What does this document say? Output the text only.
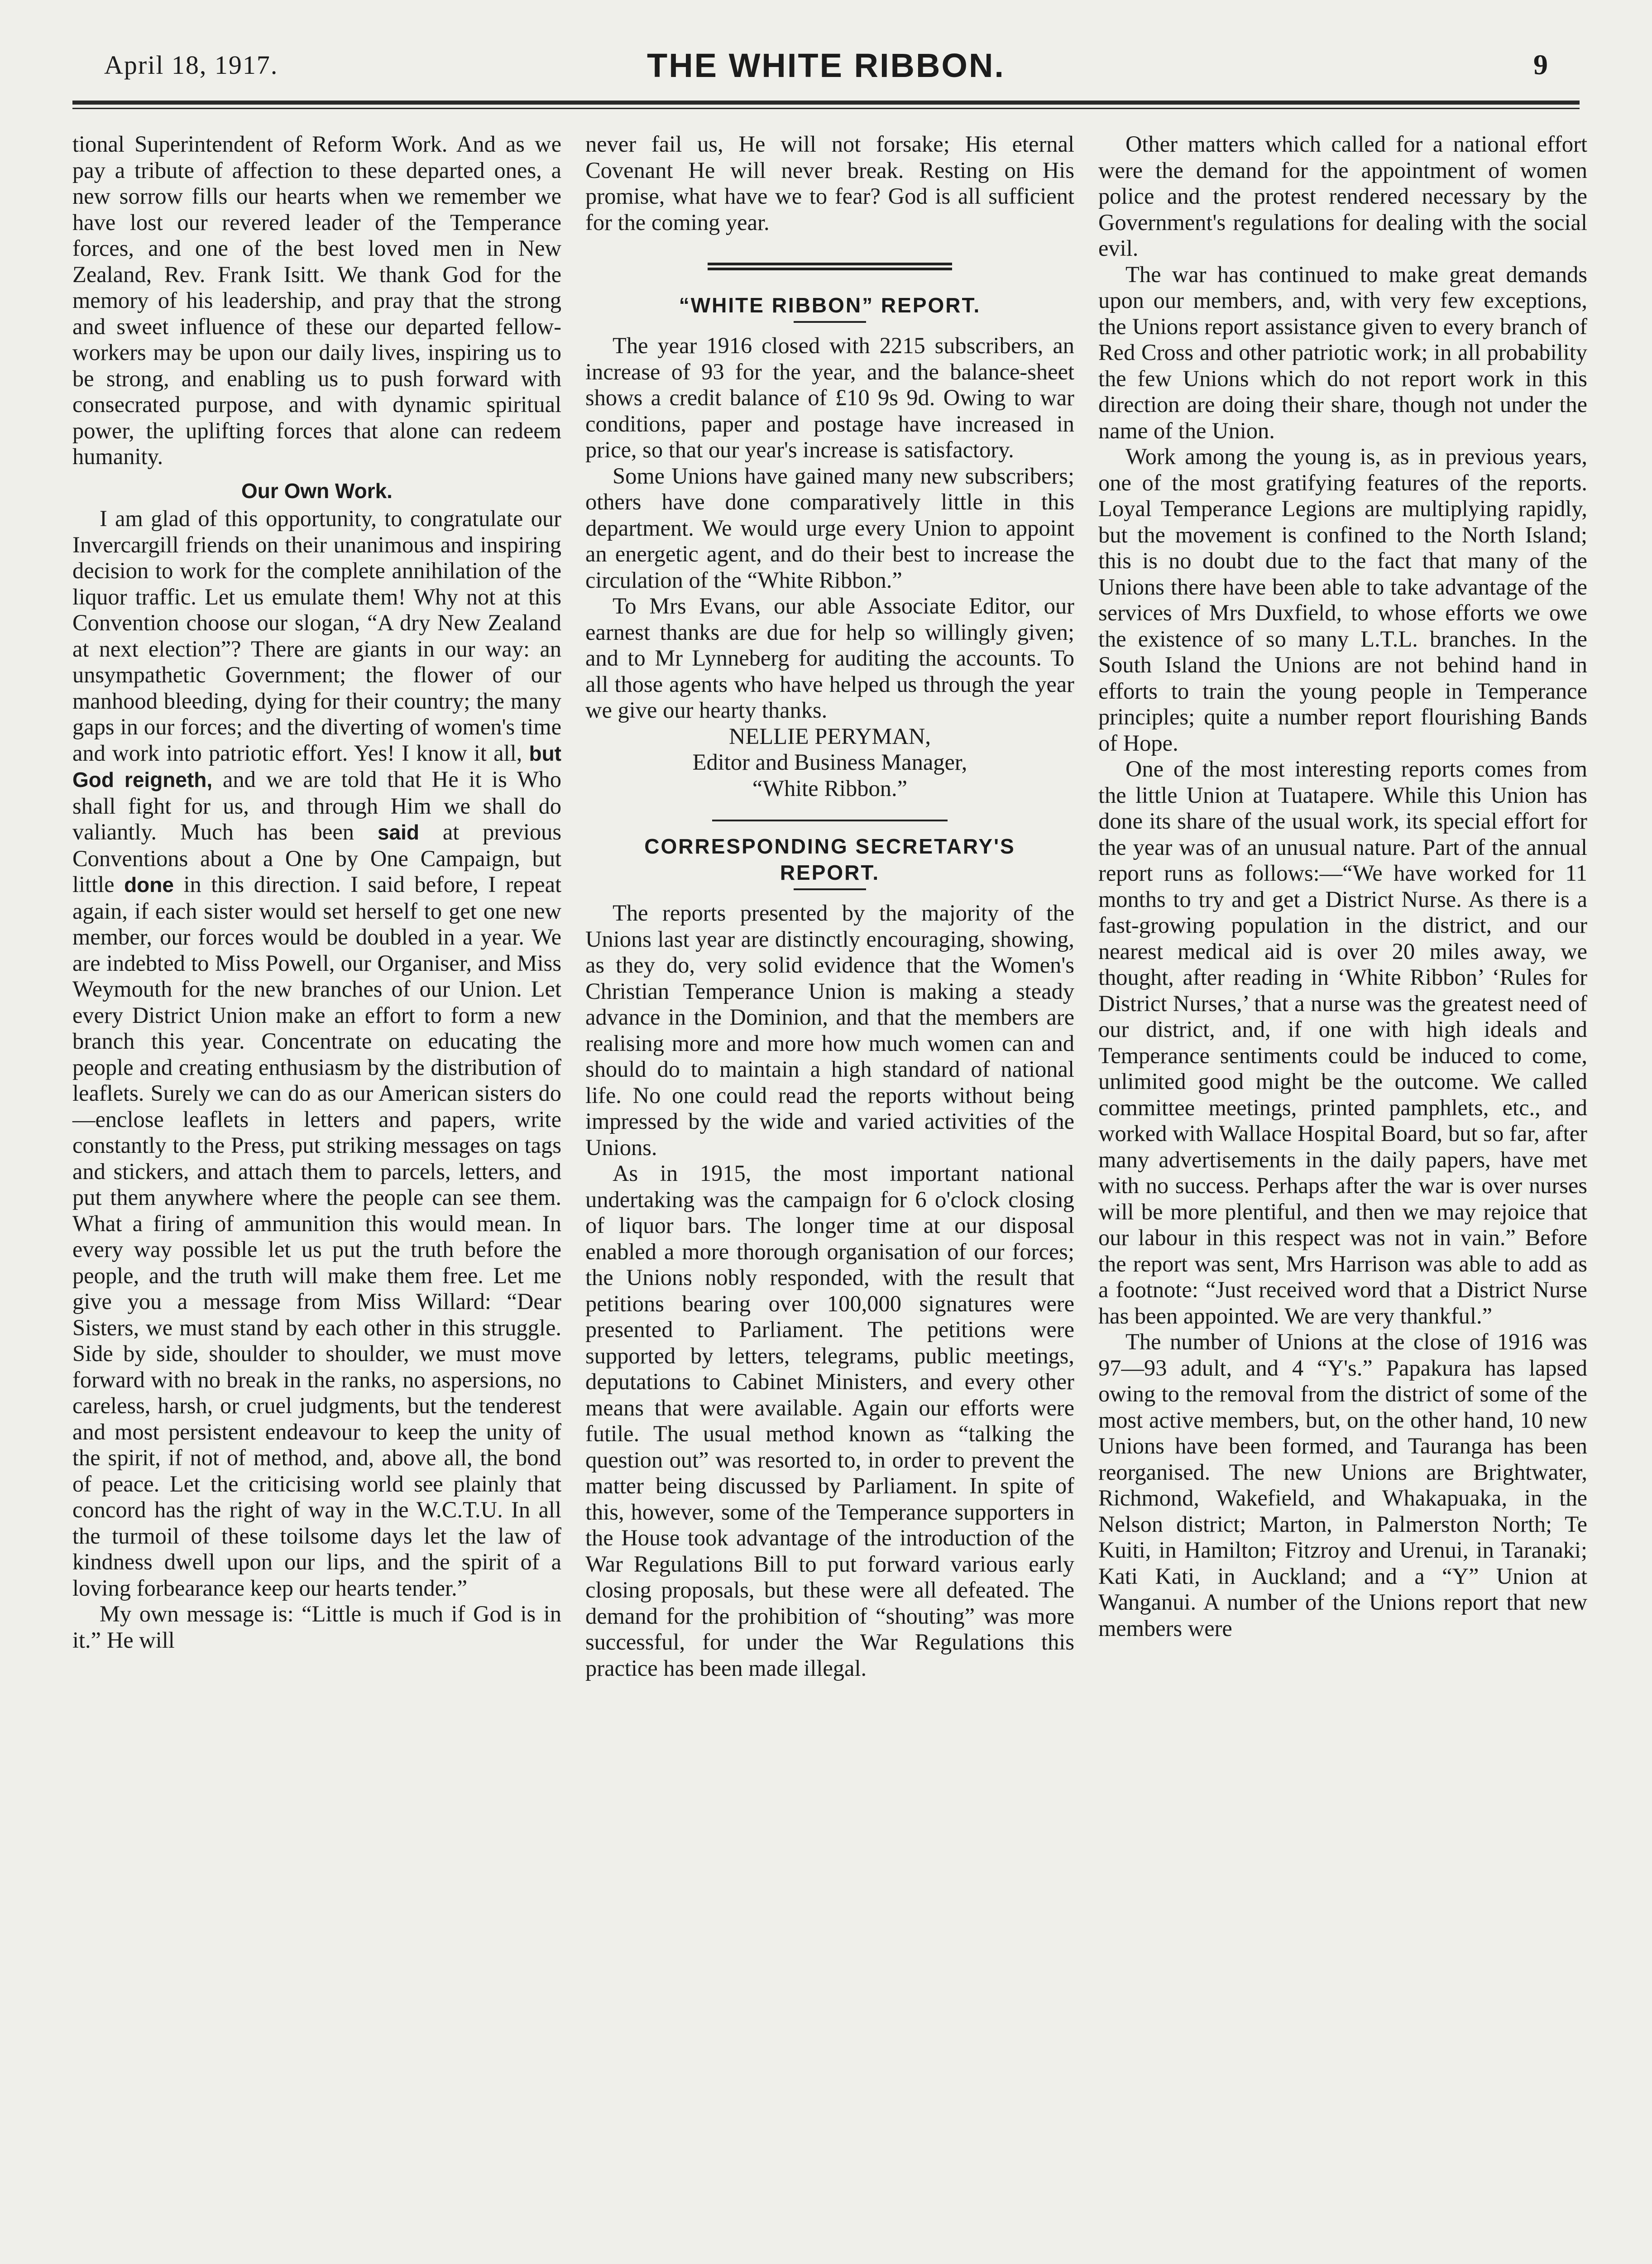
April 18, 1917.	THE WHITE RIBBON.	9

tional Superintendent of Reform Work. And as we pay a tribute of affection to these departed ones, a new sorrow fills our hearts when we remember we have lost our revered leader of the Temperance forces, and one of the best loved men in New Zealand, Rev. Frank Isitt. We thank God for the memory of his leadership, and pray that the strong and sweet influence of these our departed fellow-workers may be upon our daily lives, inspiring us to be strong, and enabling us to push forward with consecrated purpose, and with dynamic spiritual power, the uplifting forces that alone can redeem humanity.

Our Own Work.

I am glad of this opportunity, to congratulate our Invercargill friends on their unanimous and inspiring decision to work for the complete annihilation of the liquor traffic. Let us emulate them! Why not at this Convention choose our slogan, “A dry New Zealand at next election”? There are giants in our way: an unsympathetic Government; the flower of our manhood bleeding, dying for their country; the many gaps in our forces; and the diverting of women's time and work into patriotic effort. Yes! I know it all, but God reigneth, and we are told that He it is Who shall fight for us, and through Him we shall do valiantly. Much has been said at previous Conventions about a One by One Campaign, but little done in this direction. I said before, I repeat again, if each sister would set herself to get one new member, our forces would be doubled in a year. We are indebted to Miss Powell, our Organiser, and Miss Weymouth for the new branches of our Union. Let every District Union make an effort to form a new branch this year. Concentrate on educating the people and creating enthusiasm by the distribution of leaflets. Surely we can do as our American sisters do—enclose leaflets in letters and papers, write constantly to the Press, put striking messages on tags and stickers, and attach them to parcels, letters, and put them anywhere where the people can see them. What a firing of ammunition this would mean. In every way possible let us put the truth before the people, and the truth will make them free. Let me give you a message from Miss Willard: “Dear Sisters, we must stand by each other in this struggle. Side by side, shoulder to shoulder, we must move forward with no break in the ranks, no aspersions, no careless, harsh, or cruel judgments, but the tenderest and most persistent endeavour to keep the unity of the spirit, if not of method, and, above all, the bond of peace. Let the criticising world see plainly that concord has the right of way in the W.C.T.U. In all the turmoil of these toilsome days let the law of kindness dwell upon our lips, and the spirit of a loving forbearance keep our hearts tender.”

My own message is: “Little is much if God is in it.” He will

never fail us, He will not forsake; His eternal Covenant He will never break. Resting on His promise, what have we to fear? God is all sufficient for the coming year.

“WHITE RIBBON” REPORT.

The year 1916 closed with 2215 subscribers, an increase of 93 for the year, and the balance-sheet shows a credit balance of £10 9s 9d. Owing to war conditions, paper and postage have increased in price, so that our year's increase is satisfactory.

Some Unions have gained many new subscribers; others have done comparatively little in this department. We would urge every Union to appoint an energetic agent, and do their best to increase the circulation of the “White Ribbon.”

To Mrs Evans, our able Associate Editor, our earnest thanks are due for help so willingly given; and to Mr Lynneberg for auditing the accounts. To all those agents who have helped us through the year we give our hearty thanks.

NELLIE PERYMAN,
Editor and Business Manager,
“White Ribbon.”
CORRESPONDING SECRETARY'S
REPORT.

The reports presented by the majority of the Unions last year are distinctly encouraging, showing, as they do, very solid evidence that the Women's Christian Temperance Union is making a steady advance in the Dominion, and that the members are realising more and more how much women can and should do to maintain a high standard of national life. No one could read the reports without being impressed by the wide and varied activities of the Unions.

As in 1915, the most important national undertaking was the campaign for 6 o'clock closing of liquor bars. The longer time at our disposal enabled a more thorough organisation of our forces; the Unions nobly responded, with the result that petitions bearing over 100,000 signatures were presented to Parliament. The petitions were supported by letters, telegrams, public meetings, deputations to Cabinet Ministers, and every other means that were available. Again our efforts were futile. The usual method known as “talking the question out” was resorted to, in order to prevent the matter being discussed by Parliament. In spite of this, however, some of the Temperance supporters in the House took advantage of the introduction of the War Regulations Bill to put forward various early closing proposals, but these were all defeated. The demand for the prohibition of “shouting” was more successful, for under the War Regulations this practice has been made illegal.

Other matters which called for a national effort were the demand for the appointment of women police and the protest rendered necessary by the Government's regulations for dealing with the social evil.

The war has continued to make great demands upon our members, and, with very few exceptions, the Unions report assistance given to every branch of Red Cross and other patriotic work; in all probability the few Unions which do not report work in this direction are doing their share, though not under the name of the Union.

Work among the young is, as in previous years, one of the most gratifying features of the reports. Loyal Temperance Legions are multiplying rapidly, but the movement is confined to the North Island; this is no doubt due to the fact that many of the Unions there have been able to take advantage of the services of Mrs Duxfield, to whose efforts we owe the existence of so many L.T.L. branches. In the South Island the Unions are not behind hand in efforts to train the young people in Temperance principles; quite a number report flourishing Bands of Hope.

One of the most interesting reports comes from the little Union at Tuatapere. While this Union has done its share of the usual work, its special effort for the year was of an unusual nature. Part of the annual report runs as follows:—“We have worked for 11 months to try and get a District Nurse. As there is a fast-growing population in the district, and our nearest medical aid is over 20 miles away, we thought, after reading in ‘White Ribbon’ ‘Rules for District Nurses,’ that a nurse was the greatest need of our district, and, if one with high ideals and Temperance sentiments could be induced to come, unlimited good might be the outcome. We called committee meetings, printed pamphlets, etc., and worked with Wallace Hospital Board, but so far, after many advertisements in the daily papers, have met with no success. Perhaps after the war is over nurses will be more plentiful, and then we may rejoice that our labour in this respect was not in vain.” Before the report was sent, Mrs Harrison was able to add as a footnote: “Just received word that a District Nurse has been appointed. We are very thankful.”

The number of Unions at the close of 1916 was 97—93 adult, and 4 “Y's.” Papakura has lapsed owing to the removal from the district of some of the most active members, but, on the other hand, 10 new Unions have been formed, and Tauranga has been reorganised. The new Unions are Brightwater, Richmond, Wakefield, and Whakapuaka, in the Nelson district; Marton, in Palmerston North; Te Kuiti, in Hamilton; Fitzroy and Urenui, in Taranaki; Kati Kati, in Auckland; and a “Y” Union at Wanganui. A number of the Unions report that new members were
